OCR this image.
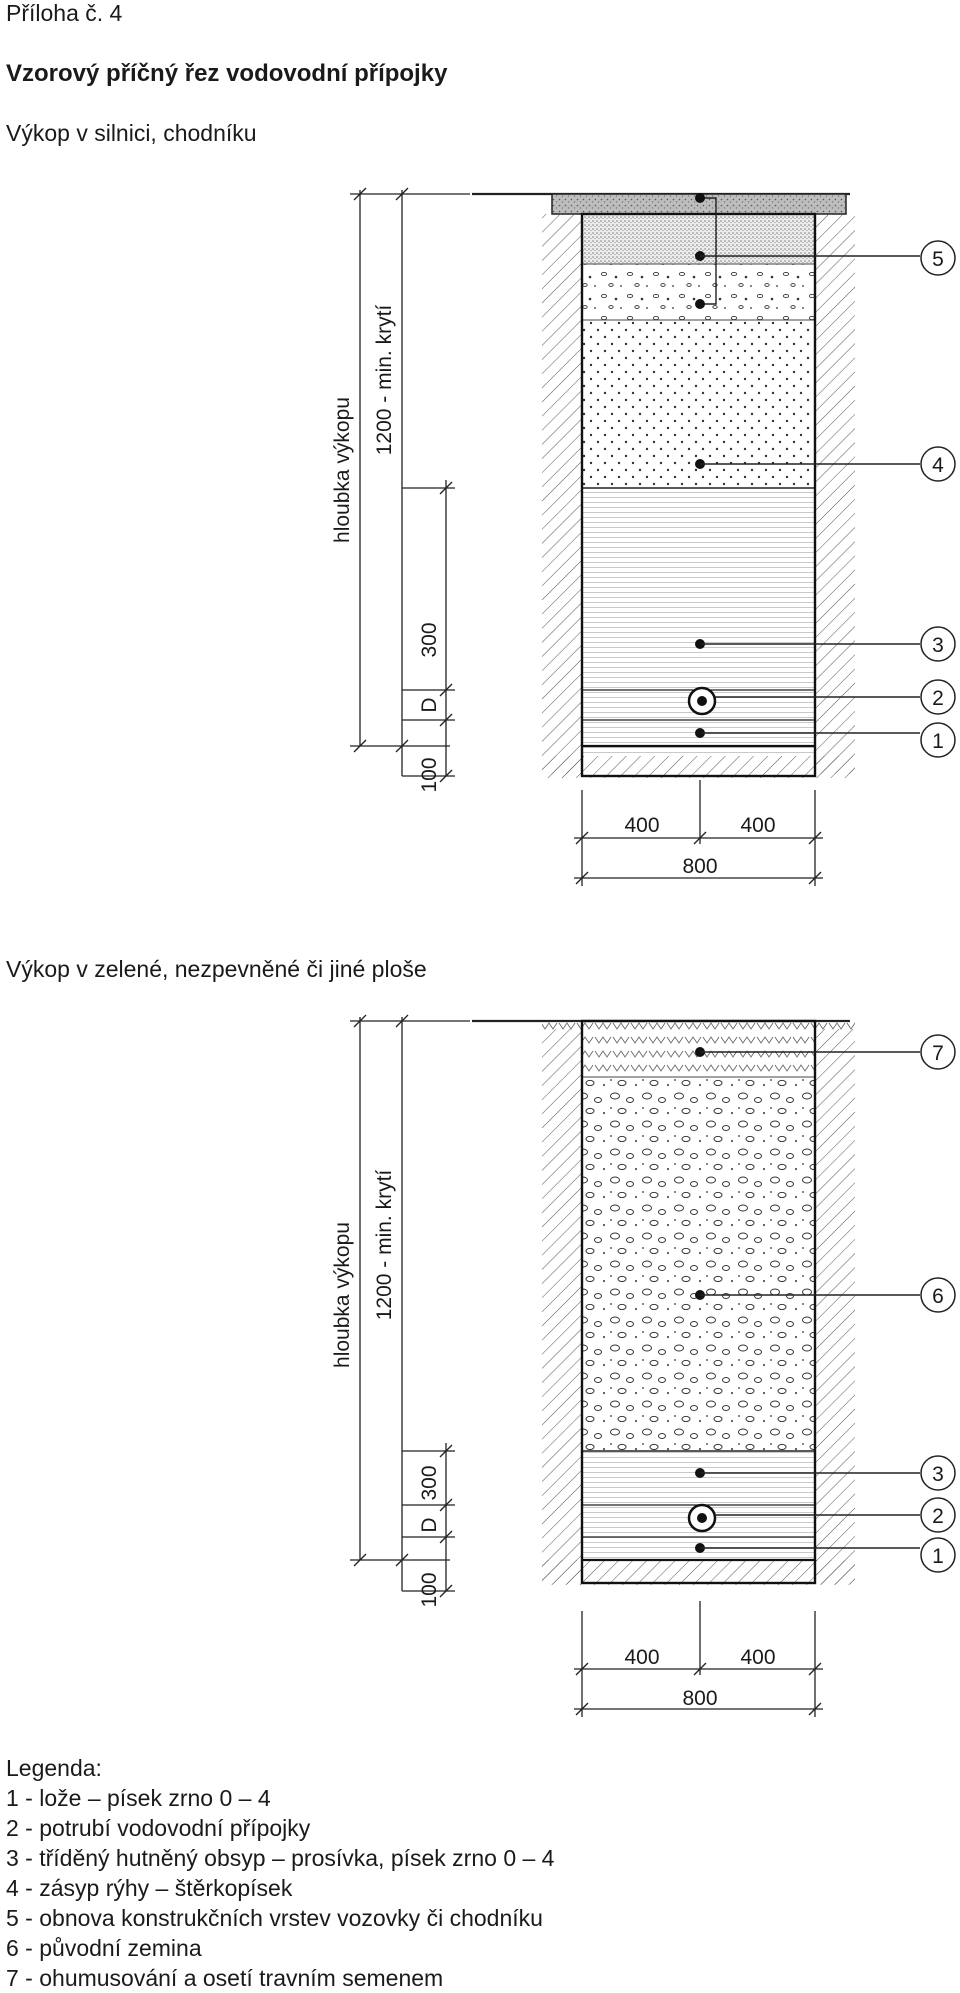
Příloha č. 4
Vzorový příčný řez vodovodní přípojky
Výkop v silnici, chodníku
5
4
3
2
1
hloubka výkopu
1200 - min. krytí
300
D
100
400	400
800
Výkop v zelené, nezpevněné či jiné ploše
7
6
3
2
1
hloubka výkopu 1200 - min. krytí
300
D
100
400	400
800
Legenda:
1 - lože – písek zrno 0 – 4
2 - potrubí vodovodní přípojky
3 - tříděný hutněný obsyp – prosívka, písek zrno 0 – 4
4 - zásyp rýhy – štěrkopísek
5 - obnova konstrukčních vrstev vozovky či chodníku
6 - původní zemina
7 - ohumusování a osetí travním semenem
